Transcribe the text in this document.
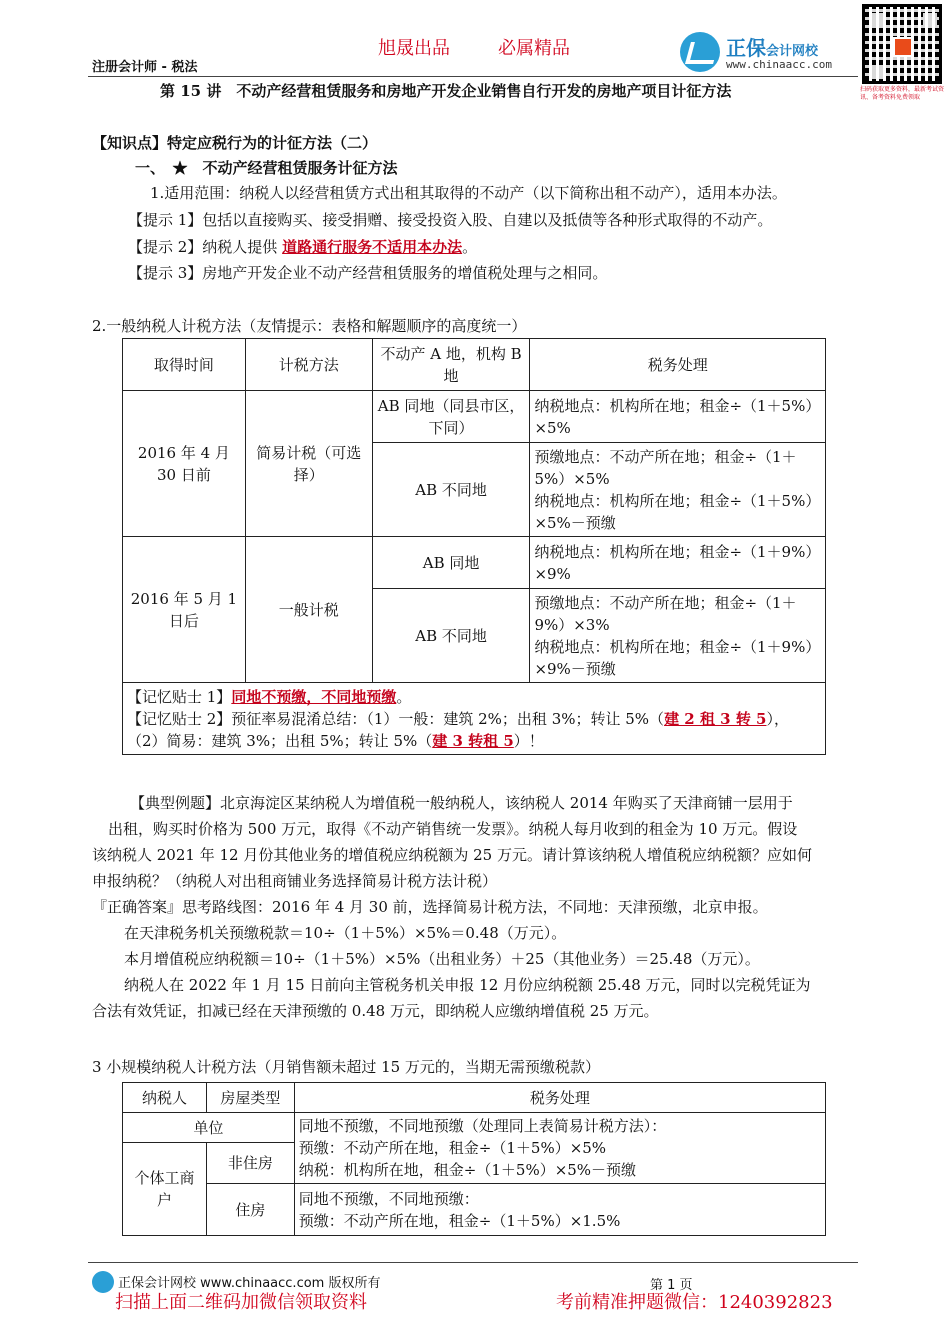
旭晟出品	必属精品
注册会计师 - 税法
正保会计网校
www.chinaacc.com
扫码获取更多资料，最新考试资讯、备考资料免费领取
第 15 讲　不动产经营租赁服务和房地产开发企业销售自行开发的房地产项目计征方法
【知识点】特定应税行为的计征方法（二）
一、　★　不动产经营租赁服务计征方法
1.适用范围：纳税人以经营租赁方式出租其取得的不动产（以下简称出租不动产），适用本办法。
【提示 1】包括以直接购买、接受捐赠、接受投资入股、自建以及抵债等各种形式取得的不动产。
【提示 2】纳税人提供 道路通行服务不适用本办法。
【提示 3】房地产开发企业不动产经营租赁服务的增值税处理与之相同。
2.一般纳税人计税方法（友情提示：表格和解题顺序的高度统一）
取得时间	计税方法	不动产 A 地，机构 B 地	税务处理
2016 年 4 月 30 日前	简易计税（可选择）	AB 同地（同县市区，下同）	纳税地点：机构所在地；租金÷（1＋5%）×5%
		AB 不同地	预缴地点：不动产所在地；租金÷（1＋5%）×5%
纳税地点：机构所在地；租金÷（1＋5%）×5%－预缴

2016 年 5 月 1 日后	一般计税	AB 同地	纳税地点：机构所在地；租金÷（1＋9%）×9%
		AB 不同地	预缴地点：不动产所在地；租金÷（1＋9%）×3%
纳税地点：机构所在地；租金÷（1＋9%）×9%－预缴

【记忆贴士 1】同地不预缴，不同地预缴。
【记忆贴士 2】预征率易混淆总结：（1）一般：建筑 2%；出租 3%；转让 5%（建 2 租 3 转 5），
（2）简易：建筑 3%；出租 5%；转让 5%（建 3 转租 5）！			
【典型例题】北京海淀区某纳税人为增值税一般纳税人，该纳税人 2014 年购买了天津商铺一层用于
出租，购买时价格为 500 万元，取得《不动产销售统一发票》。纳税人每月收到的租金为 10 万元。假设
该纳税人 2021 年 12 月份其他业务的增值税应纳税额为 25 万元。请计算该纳税人增值税应纳税额？应如何
申报纳税？（纳税人对出租商铺业务选择简易计税方法计税）
『正确答案』思考路线图：2016 年 4 月 30 前，选择简易计税方法，不同地：天津预缴，北京申报。
在天津税务机关预缴税款＝10÷（1＋5%）×5%＝0.48（万元）。
本月增值税应纳税额＝10÷（1＋5%）×5%（出租业务）＋25（其他业务）＝25.48（万元）。
纳税人在 2022 年 1 月 15 日前向主管税务机关申报 12 月份应纳税额 25.48 万元，同时以完税凭证为
合法有效凭证，扣减已经在天津预缴的 0.48 万元，即纳税人应缴纳增值税 25 万元。
3 小规模纳税人计税方法（月销售额未超过 15 万元的，当期无需预缴税款）
纳税人	房屋类型	税务处理
单位		同地不预缴，不同地预缴（处理同上表简易计税方法）：
预缴：不动产所在地，租金÷（1＋5%）×5%
纳税：机构所在地，租金÷（1＋5%）×5%－预缴

个体工商户	非住房	
	住房	同地不预缴，不同地预缴：
预缴：不动产所在地，租金÷（1＋5%）×1.5%
正保会计网校 www.chinaacc.com 版权所有	第 1 页
扫描上面二维码加微信领取资料	考前精准押题微信：1240392823
